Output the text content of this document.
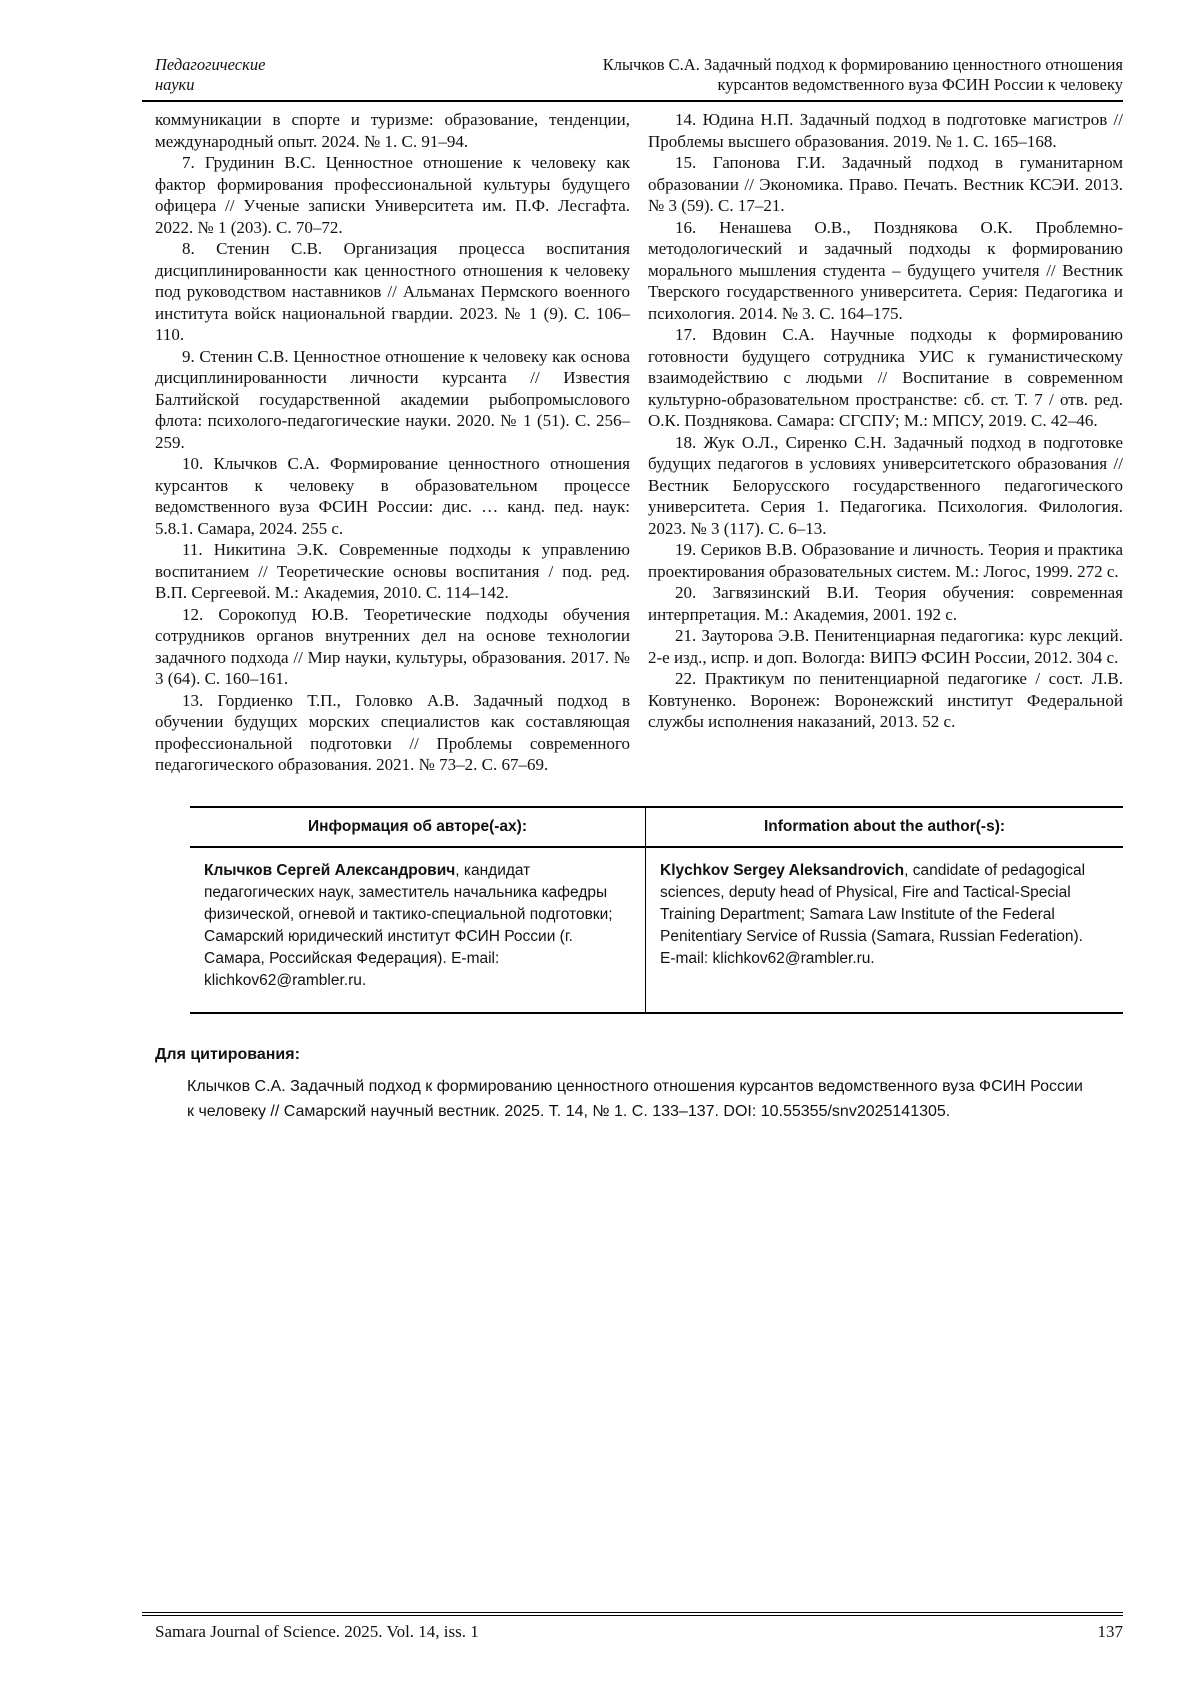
Педагогические
науки
Клычков С.А. Задачный подход к формированию ценностного отношения
курсантов ведомственного вуза ФСИН России к человеку

коммуникации в спорте и туризме: образование, тенденции, международный опыт. 2024. № 1. С. 91–94.

7. Грудинин В.С. Ценностное отношение к человеку как фактор формирования профессиональной культуры будущего офицера // Ученые записки Университета им. П.Ф. Лесгафта. 2022. № 1 (203). С. 70–72.

8. Стенин С.В. Организация процесса воспитания дисциплинированности как ценностного отношения к человеку под руководством наставников // Альманах Пермского военного института войск национальной гвардии. 2023. № 1 (9). С. 106–110.

9. Стенин С.В. Ценностное отношение к человеку как основа дисциплинированности личности курсанта // Известия Балтийской государственной академии рыбопромыслового флота: психолого-педагогические науки. 2020. № 1 (51). С. 256–259.

10. Клычков С.А. Формирование ценностного отношения курсантов к человеку в образовательном процессе ведомственного вуза ФСИН России: дис. … канд. пед. наук: 5.8.1. Самара, 2024. 255 с.

11. Никитина Э.К. Современные подходы к управлению воспитанием // Теоретические основы воспитания / под. ред. В.П. Сергеевой. М.: Академия, 2010. С. 114–142.

12. Сорокопуд Ю.В. Теоретические подходы обучения сотрудников органов внутренних дел на основе технологии задачного подхода // Мир науки, культуры, образования. 2017. № 3 (64). С. 160–161.

13. Гордиенко Т.П., Головко А.В. Задачный подход в обучении будущих морских специалистов как составляющая профессиональной подготовки // Проблемы современного педагогического образования. 2021. № 73–2. С. 67–69.

14. Юдина Н.П. Задачный подход в подготовке магистров // Проблемы высшего образования. 2019. № 1. С. 165–168.

15. Гапонова Г.И. Задачный подход в гуманитарном образовании // Экономика. Право. Печать. Вестник КСЭИ. 2013. № 3 (59). С. 17–21.

16. Ненашева О.В., Позднякова О.К. Проблемно-методологический и задачный подходы к формированию морального мышления студента – будущего учителя // Вестник Тверского государственного университета. Серия: Педагогика и психология. 2014. № 3. С. 164–175.

17. Вдовин С.А. Научные подходы к формированию готовности будущего сотрудника УИС к гуманистическому взаимодействию с людьми // Воспитание в современном культурно-образовательном пространстве: сб. ст. Т. 7 / отв. ред. О.К. Позднякова. Самара: СГСПУ; М.: МПСУ, 2019. С. 42–46.

18. Жук О.Л., Сиренко С.Н. Задачный подход в подготовке будущих педагогов в условиях университетского образования // Вестник Белорусского государственного педагогического университета. Серия 1. Педагогика. Психология. Филология. 2023. № 3 (117). С. 6–13.

19. Сериков В.В. Образование и личность. Теория и практика проектирования образовательных систем. М.: Логос, 1999. 272 с.

20. Загвязинский В.И. Теория обучения: современная интерпретация. М.: Академия, 2001. 192 с.

21. Зауторова Э.В. Пенитенциарная педагогика: курс лекций. 2-е изд., испр. и доп. Вологда: ВИПЭ ФСИН России, 2012. 304 с.

22. Практикум по пенитенциарной педагогике / сост. Л.В. Ковтуненко. Воронеж: Воронежский институт Федеральной службы исполнения наказаний, 2013. 52 с.

Информация об авторе(-ах):	Information about the author(-s):
Клычков Сергей Александрович, кандидат педагогических наук, заместитель начальника кафедры физической, огневой и тактико-специальной подготовки; Самарский юридический институт ФСИН России (г. Самара, Российская Федерация). E-mail: klichkov62@rambler.ru.
Klychkov Sergey Aleksandrovich, candidate of pedagogical sciences, deputy head of Physical, Fire and Tactical-Special Training Department; Samara Law Institute of the Federal Penitentiary Service of Russia (Samara, Russian Federation).
E-mail: klichkov62@rambler.ru.
Для цитирования:
Клычков С.А. Задачный подход к формированию ценностного отношения курсантов ведомственного вуза ФСИН России к человеку // Самарский научный вестник. 2025. Т. 14, № 1. С. 133–137. DOI: 10.55355/snv2025141305.
Samara Journal of Science. 2025. Vol. 14, iss. 1	137
